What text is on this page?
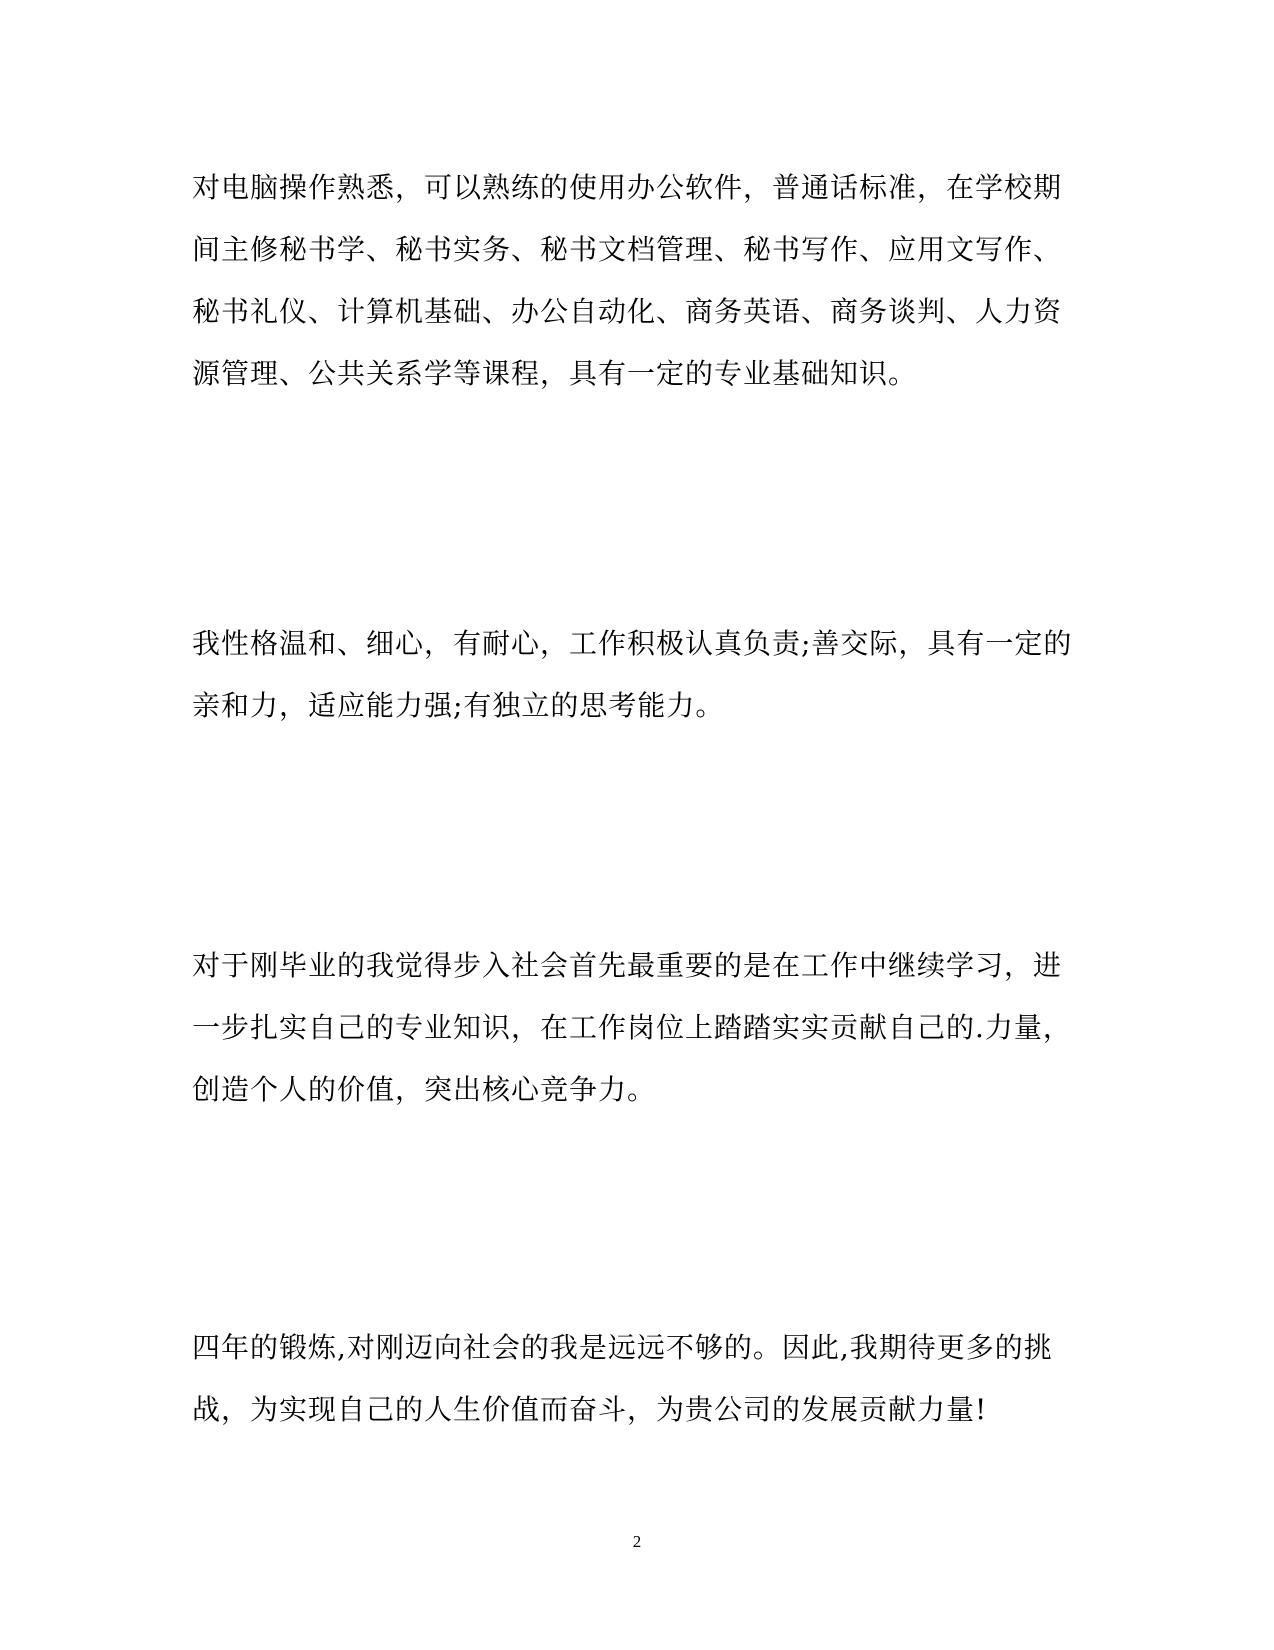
对电脑操作熟悉，可以熟练的使用办公软件，普通话标准，在学校期
间主修秘书学、秘书实务、秘书文档管理、秘书写作、应用文写作、
秘书礼仪、计算机基础、办公自动化、商务英语、商务谈判、人力资
源管理、公共关系学等课程，具有一定的专业基础知识。

我性格温和、细心，有耐心，工作积极认真负责;善交际，具有一定的
亲和力，适应能力强;有独立的思考能力。

对于刚毕业的我觉得步入社会首先最重要的是在工作中继续学习，进
一步扎实自己的专业知识，在工作岗位上踏踏实实贡献自己的.力量，
创造个人的价值，突出核心竞争力。

四年的锻炼,对刚迈向社会的我是远远不够的。因此,我期待更多的挑
战，为实现自己的人生价值而奋斗，为贵公司的发展贡献力量!

2
